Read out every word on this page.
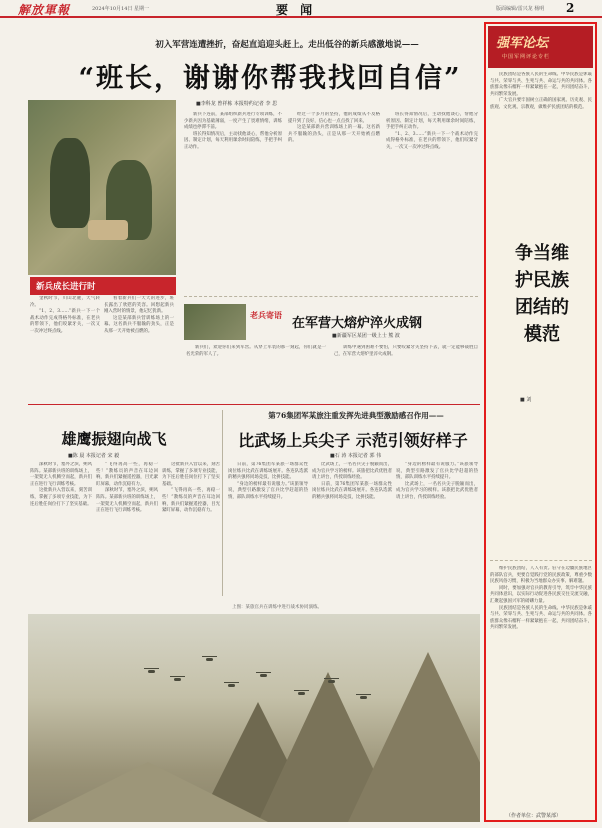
解放軍報	2024年10月14日 星期一	要 闻	版面编辑/雷兴龙 杨明 2
初入军营连遭挫折，奋起直追迎头赶上。走出低谷的新兵感激地说——
“班长，谢谢你帮我找回自信”
■李科龙 曾祥栋 本报特约记者 李 思
新兵成长进行时

金秋时节，川山北麓，天气转冷。

“1、2、3……”新兵一下一个战术动作完成得格外标准，在老兵的带领下，他们咬紧牙关，一次又一次冲过终点线。

看着新兵们一天天的进步，班长露出了欣慰的笑容。回想起新兵刚入营时的情景，他记忆犹新。

这是某部新兵营训练场上的一幕。这名新兵不服输的劲头，正是从那一天开始被点燃的。

新兵下连前，某部组织新兵进行专项训练，不少新兵因为基础薄弱，一度产生了畏难情绪，训练成绩也停滞不前。

班长得知情况后，主动找他谈心，帮他分析原因、制定计划，每天利用课余时间陪练，手把手纠正动作。

经过一个多月的坚持，他的成绩从不及格提升到了良好，信心也一点点找了回来。

这是某部新兵营训练场上的一幕。这名新兵不服输的劲头，正是从那一天开始被点燃的。

班长得知情况后，主动找他谈心，帮他分析原因、制定计划，每天利用课余时间陪练，手把手纠正动作。

“1、2、3……”新兵一下一个战术动作完成得格外标准，在老兵的带领下，他们咬紧牙关，一次又一次冲过终点线。

老兵寄语
在军营大熔炉淬火成钢
■新疆军区某团一级上士 熊 波

新兵们，欢迎你们来到军营。从穿上军装的那一刻起，你们就是一名光荣的军人了。

训练中遇到困难不要怕，只要咬紧牙关坚持下去，就一定能够战胜自己，在军营大熔炉里淬火成钢。

雄鹰振翅向战飞
■陈 晨 本报记者 宋 毅

深秋时节，塞外之滨，朔风阵阵。某部新兵班的训练场上，一架架无人机腾空而起，新兵们正在进行飞行训练考核。

这批新兵入营以来，刻苦训练，掌握了多项专业技能，为下连后胜任岗位打下了坚实基础。

“飞得再高一些，再稳一些！”教练员的声音在耳边回响，新兵们紧握遥控器，目光紧盯屏幕，动作沉稳有力。

深秋时节，塞外之滨，朔风阵阵。某部新兵班的训练场上，一架架无人机腾空而起，新兵们正在进行飞行训练考核。

这批新兵入营以来，刻苦训练，掌握了多项专业技能，为下连后胜任岗位打下了坚实基础。

“飞得再高一些，再稳一些！”教练员的声音在耳边回响，新兵们紧握遥控器，目光紧盯屏幕，动作沉稳有力。

第76集团军某旅注重发挥先进典型激励感召作用——
比武场上兵尖子 示范引领好样子
■石 涛 本报记者 郭 伟

日前，第76集团军某旅一场群众性岗位练兵比武在训练场展开。各连队选派的精兵强将同场竞技，比拼技能。

“身边的榜样最有说服力。”该旅领导说，典型引路激发了官兵比学赶超的热情，部队训练水平持续提升。

比武场上，一名名兵尖子脱颖而出，成为官兵学习的榜样。该旅把比武优胜者请上讲台，传授训练经验。

日前，第76集团军某旅一场群众性岗位练兵比武在训练场展开。各连队选派的精兵强将同场竞技，比拼技能。

“身边的榜样最有说服力。”该旅领导说，典型引路激发了官兵比学赶超的热情，部队训练水平持续提升。

比武场上，一名名兵尖子脱颖而出，成为官兵学习的榜样。该旅把比武优胜者请上讲台，传授训练经验。

上图：某旅官兵在训练中进行战术协同演练。
强军论坛
中国军网评论专栏

民族团结是各族人民的生命线。中华民族是休戚与共、荣辱与共、生死与共、命运与共的共同体。各族群众像石榴籽一样紧紧抱在一起，共同团结奋斗，共同繁荣发展。

广大官兵要牢固树立正确的国家观、历史观、民族观、文化观、宗教观，做维护民族团结的模范。

争当维护民族团结的模范
■ 刘

维护民族团结，人人有责。驻守在边疆民族地区的部队官兵，更要自觉践行党的民族政策，尊重少数民族风俗习惯，积极为当地群众办实事、解难题。

同时，要加强对官兵的教育引导，筑牢中华民族共同体意识，以实际行动促进各民族交往交流交融，汇聚起强国兴军的磅礴力量。

民族团结是各族人民的生命线。中华民族是休戚与共、荣辱与共、生死与共、命运与共的共同体。各族群众像石榴籽一样紧紧抱在一起，共同团结奋斗，共同繁荣发展。

（作者单位：武警某部）
